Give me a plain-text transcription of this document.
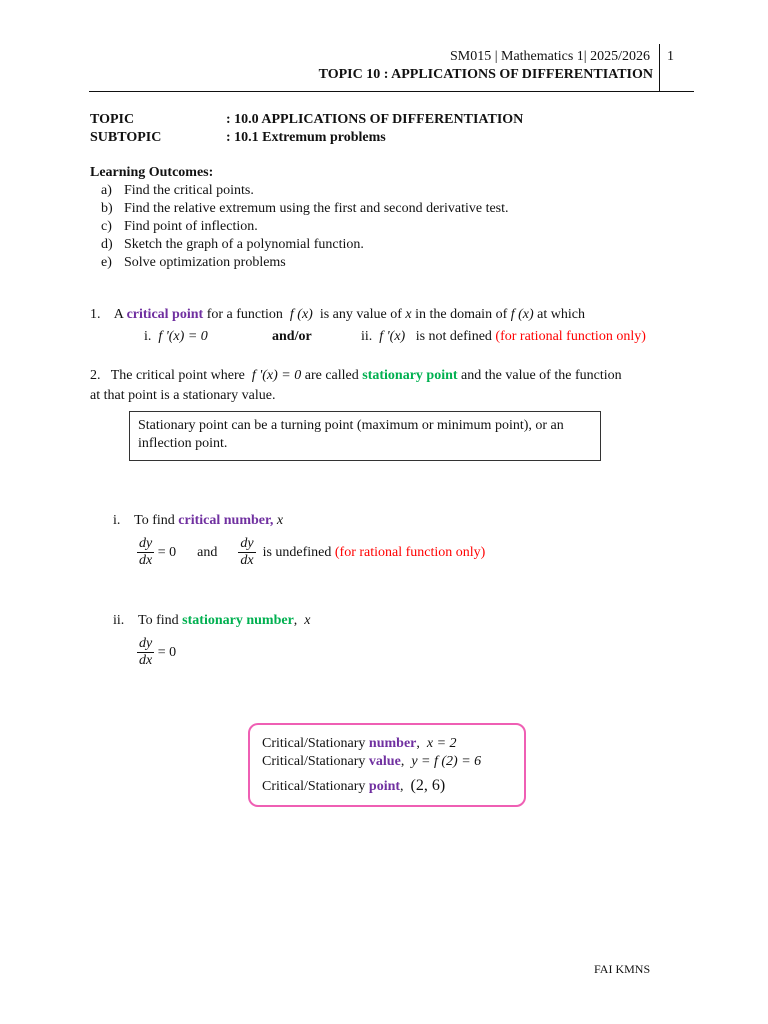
SM015 | Mathematics 1| 2025/2026 1
TOPIC 10 : APPLICATIONS OF DIFFERENTIATION
TOPIC	: 10.0 APPLICATIONS OF DIFFERENTIATION
SUBTOPIC	: 10.1 Extremum problems
Learning Outcomes:
a) Find the critical points.
b) Find the relative extremum using the first and second derivative test.
c) Find point of inflection.
d) Sketch the graph of a polynomial function.
e) Solve optimization problems
1. A critical point for a function f (x) is any value of x in the domain of f (x) at which
i. f '(x) = 0	and/or	ii. f '(x) is not defined (for rational function only)
2. The critical point where f '(x) = 0 are called stationary point and the value of the function
at that point is a stationary value.
Stationary point can be a turning point (maximum or minimum point), or an inflection point.
i. To find critical number, x
$\frac{dy}{dx} = 0$ and $\frac{dy}{dx}$ is undefined (for rational function only)
ii. To find stationary number, x
$\frac{dy}{dx} = 0$
Critical/Stationary number, x = 2
Critical/Stationary value, y = f (2) = 6
Critical/Stationary point, (2, 6)
FAI KMNS
